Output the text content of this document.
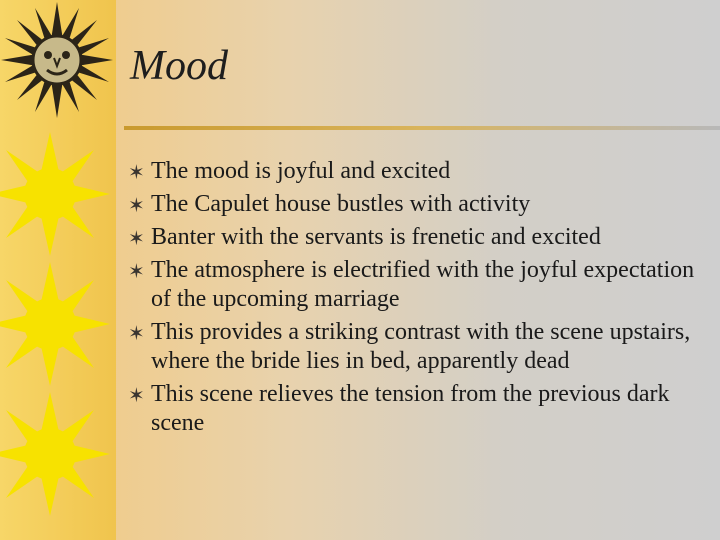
Mood
✶ The mood is joyful and excited
✶ The Capulet house bustles with activity
✶ Banter with the servants is frenetic and excited
✶ The atmosphere is electrified with the joyful expectation of the upcoming marriage
✶ This provides a striking contrast with the scene upstairs, where the bride lies in bed, apparently dead
✶ This scene relieves the tension from the previous dark scene
